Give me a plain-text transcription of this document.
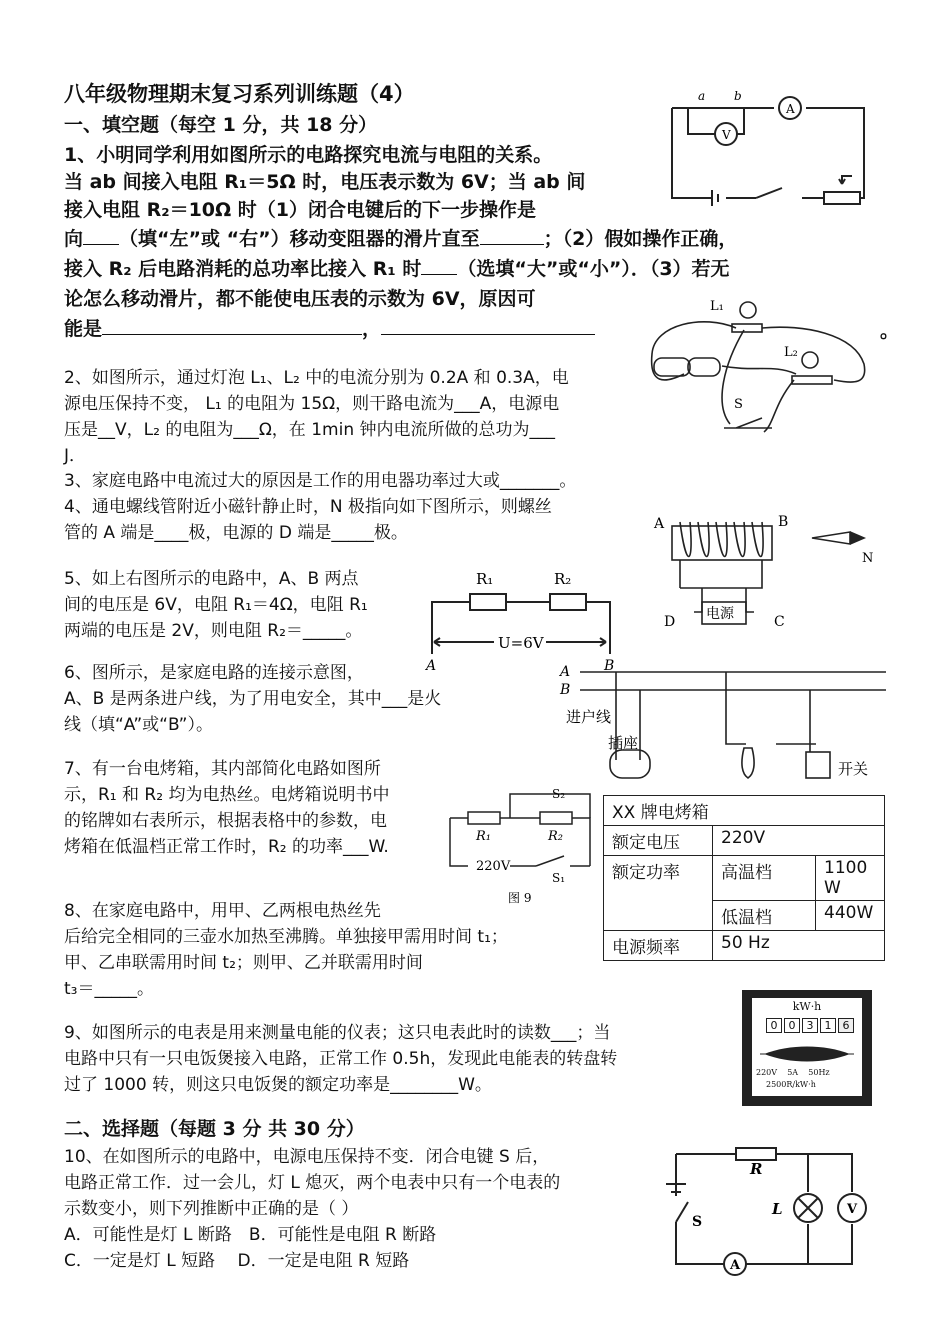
八年级物理期末复习系列训练题（4）
一、填空题（每空 1 分，共 18 分）
1、小明同学利用如图所示的电路探究电流与电阻的关系。
当 ab 间接入电阻 R₁＝5Ω 时，电压表示数为 6V；当 ab 间
接入电阻 R₂＝10Ω 时（1）闭合电键后的下一步操作是
向 （填“左”或 “右”）移动变阻器的滑片直至	；（2）假如操作正确，
接入 R₂ 后电路消耗的总功率比接入 R₁ 时 （选填“大”或“小”）．（3）若无
论怎么移动滑片，都不能使电压表的示数为 6V，原因可
能是	，	。
A
V
a b
L₁
L₂
S
2、如图所示，通过灯泡 L₁、L₂ 中的电流分别为 0.2A 和 0.3A，电
源电压保持不变， L₁ 的电阻为 15Ω，则干路电流为___A，电源电
压是__V，L₂ 的电阻为___Ω，在 1min 钟内电流所做的总功为___
J．
3、家庭电路中电流过大的原因是工作的用电器功率过大或_______。
4、通电螺线管附近小磁针静止时，N 极指向如下图所示，则螺丝
管的 A 端是____极，电源的 D 端是_____极。	A	B
C
D 电源
N
5、如上右图所示的电路中，A、B 两点
间的电压是 6V，电阻 R₁＝4Ω，电阻 R₁
两端的电压是 2V，则电阻 R₂＝_____。
R₁	R₂
U=6V
A	B
6、图所示，是家庭电路的连接示意图，
A、B 是两条进户线，为了用电安全，其中___是火
线（填“A”或“B”）。
A
B
进户线
插座
开关
7、有一台电烤箱，其内部简化电路如图所
示，R₁ 和 R₂ 均为电热丝。电烤箱说明书中
的铭牌如右表所示，根据表格中的参数，电
烤箱在低温档正常工作时，R₂ 的功率___W.
R₁	R₂
S₂
S₁
220V
图 9
XX 牌电烤箱		
额定电压	220V	
额定功率	高温档	1100 W
	低温档	440W
电源频率	50 Hz	
8、在家庭电路中，用甲、乙两根电热丝先
后给完全相同的三壶水加热至沸腾。单独接甲需用时间 t₁；
甲、乙串联需用时间 t₂；则甲、乙并联需用时间
t₃＝_____。
9、如图所示的电表是用来测量电能的仪表；这只电表此时的读数___；当
电路中只有一只电饭煲接入电路，正常工作 0.5h，发现此电能表的转盘转
过了 1000 转，则这只电饭煲的额定功率是________W。
kW·h
0	0	3	1	6
220V    5A    50Hz
2500R/kW·h
二、选择题（每题 3 分 共 30 分）
10、在如图所示的电路中，电源电压保持不变．闭合电键 S 后，
电路正常工作．过一会儿，灯 L 熄灭，两个电表中只有一个电表的
示数变小，则下列推断中正确的是（ ）
A．可能性是灯 L 断路　B．可能性是电阻 R 断路
C．一定是灯 L 短路　 D．一定是电阻 R 短路
R
L
S
V
A
